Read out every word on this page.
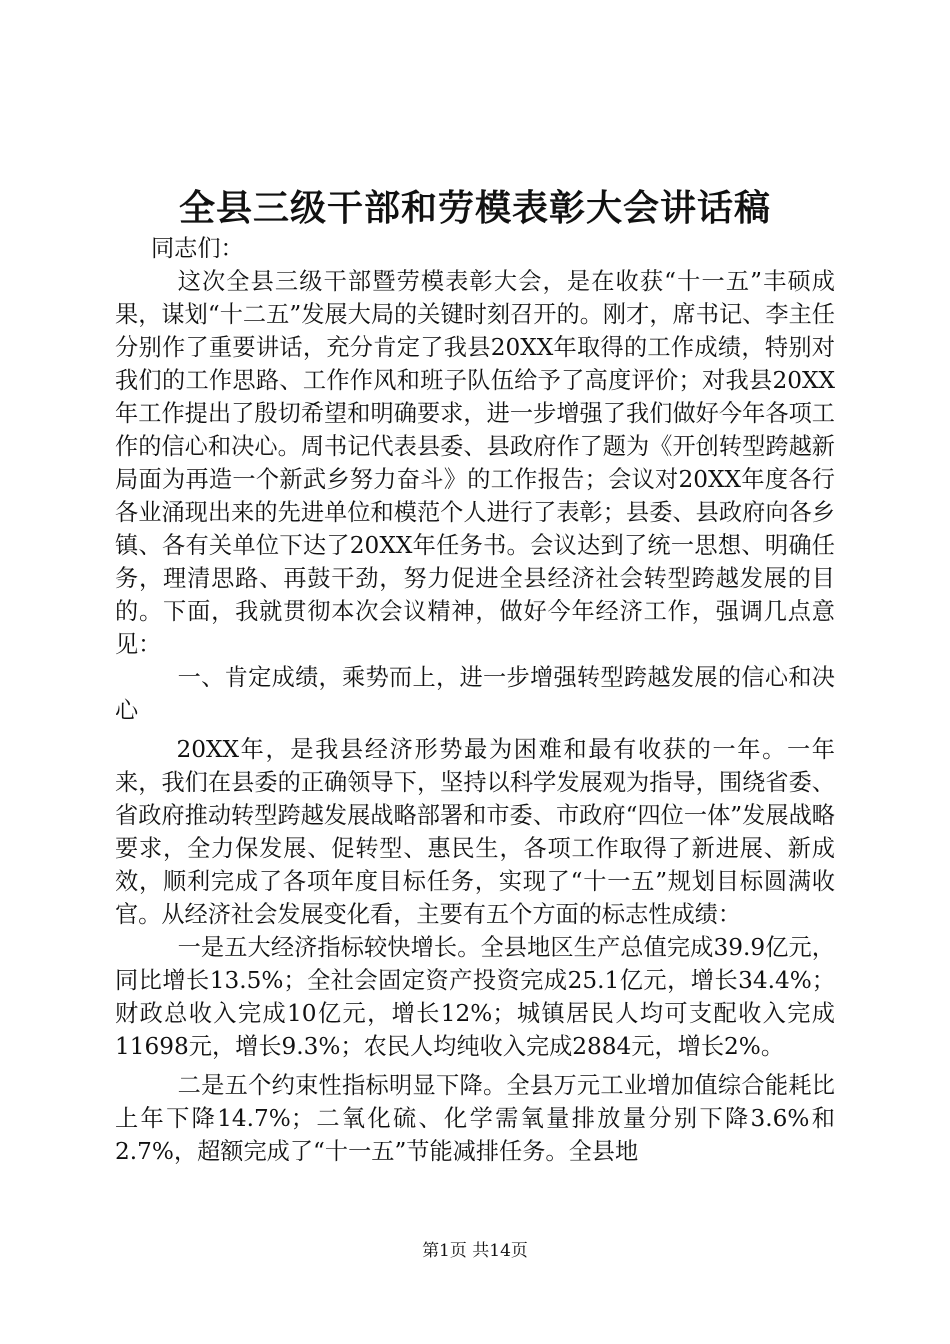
全县三级干部和劳模表彰大会讲话稿

同志们：

这次全县三级干部暨劳模表彰大会，是在收获“十一五”丰硕成果，谋划“十二五”发展大局的关键时刻召开的。刚才，席书记、李主任分别作了重要讲话，充分肯定了我县20XX年取得的工作成绩，特别对我们的工作思路、工作作风和班子队伍给予了高度评价；对我县20XX年工作提出了殷切希望和明确要求，进一步增强了我们做好今年各项工作的信心和决心。周书记代表县委、县政府作了题为《开创转型跨越新局面为再造一个新武乡努力奋斗》的工作报告；会议对20XX年度各行各业涌现出来的先进单位和模范个人进行了表彰；县委、县政府向各乡镇、各有关单位下达了20XX年任务书。会议达到了统一思想、明确任务，理清思路、再鼓干劲，努力促进全县经济社会转型跨越发展的目的。下面，我就贯彻本次会议精神，做好今年经济工作，强调几点意见：

一、肯定成绩，乘势而上，进一步增强转型跨越发展的信心和决心

20XX年，是我县经济形势最为困难和最有收获的一年。一年来，我们在县委的正确领导下，坚持以科学发展观为指导，围绕省委、省政府推动转型跨越发展战略部署和市委、市政府“四位一体”发展战略要求，全力保发展、促转型、惠民生，各项工作取得了新进展、新成效，顺利完成了各项年度目标任务，实现了“十一五”规划目标圆满收官。从经济社会发展变化看，主要有五个方面的标志性成绩：

一是五大经济指标较快增长。全县地区生产总值完成39.9亿元，同比增长13.5%；全社会固定资产投资完成25.1亿元，增长34.4%；财政总收入完成10亿元，增长12%；城镇居民人均可支配收入完成11698元，增长9.3%；农民人均纯收入完成2884元，增长2%。

二是五个约束性指标明显下降。全县万元工业增加值综合能耗比上年下降14.7%；二氧化硫、化学需氧量排放量分别下降3.6%和2.7%，超额完成了“十一五”节能减排任务。全县地

第1页 共14页
